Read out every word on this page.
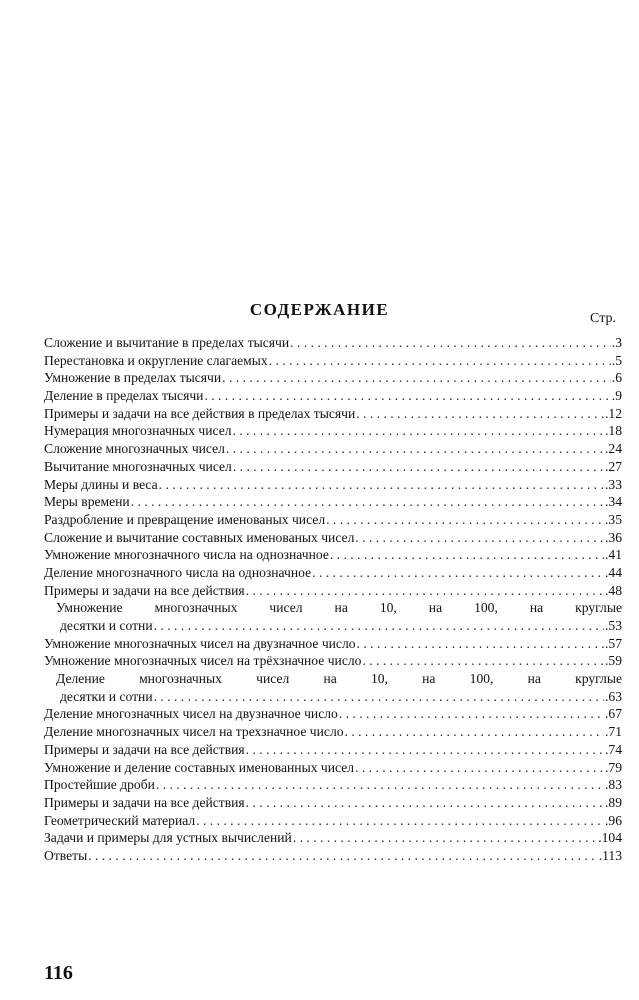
СОДЕРЖАНИЕ	Стр.
Сложение и вычитание в пределах тысячи . . .	.3
Перестановка и округление слагаемых . . .	.5
Умножение в пределах тысячи . . .	.6
Деление в пределах тысячи . . .	.9
Примеры и задачи на все действия в пределах тысячи . . .	.12
Нумерация многозначных чисел . . .	.18
Сложение многозначных чисел . . .	.24
Вычитание многозначных чисел . . .	.27
Меры длины и веса . . .	.33
Меры времени . . .	.34
Раздробление и превращение именованых чисел . . .	.35
Сложение и вычитание составных именованых чисел . . .	.36
Умножение многозначного числа на однозначное . . .	.41
Деление многозначного числа на однозначное . . .	.44
Примеры и задачи на все действия . . .	.48
Умножение многозначных чисел на 10, на 100, на круглые
десятки и сотни . . .	.53
Умножение многозначных чисел на двузначное число . . .	.57
Умножение многозначных чисел на трёхзначное число . . .	.59
Деление многозначных чисел на 10, на 100, на круглые
десятки и сотни . . .	.63
Деление многозначных чисел на двузначное число . . .	.67
Деление многозначных чисел на трехзначное число . . .	.71
Примеры и задачи на все действия . . .	.74
Умножение и деление составных именованных чисел . . .	.79
Простейшие дроби . . .	.83
Примеры и задачи на все действия . . .	.89
Геометрический материал . . .	.96
Задачи и примеры для устных вычислений . . .	.104
Ответы . . .	.113
116
